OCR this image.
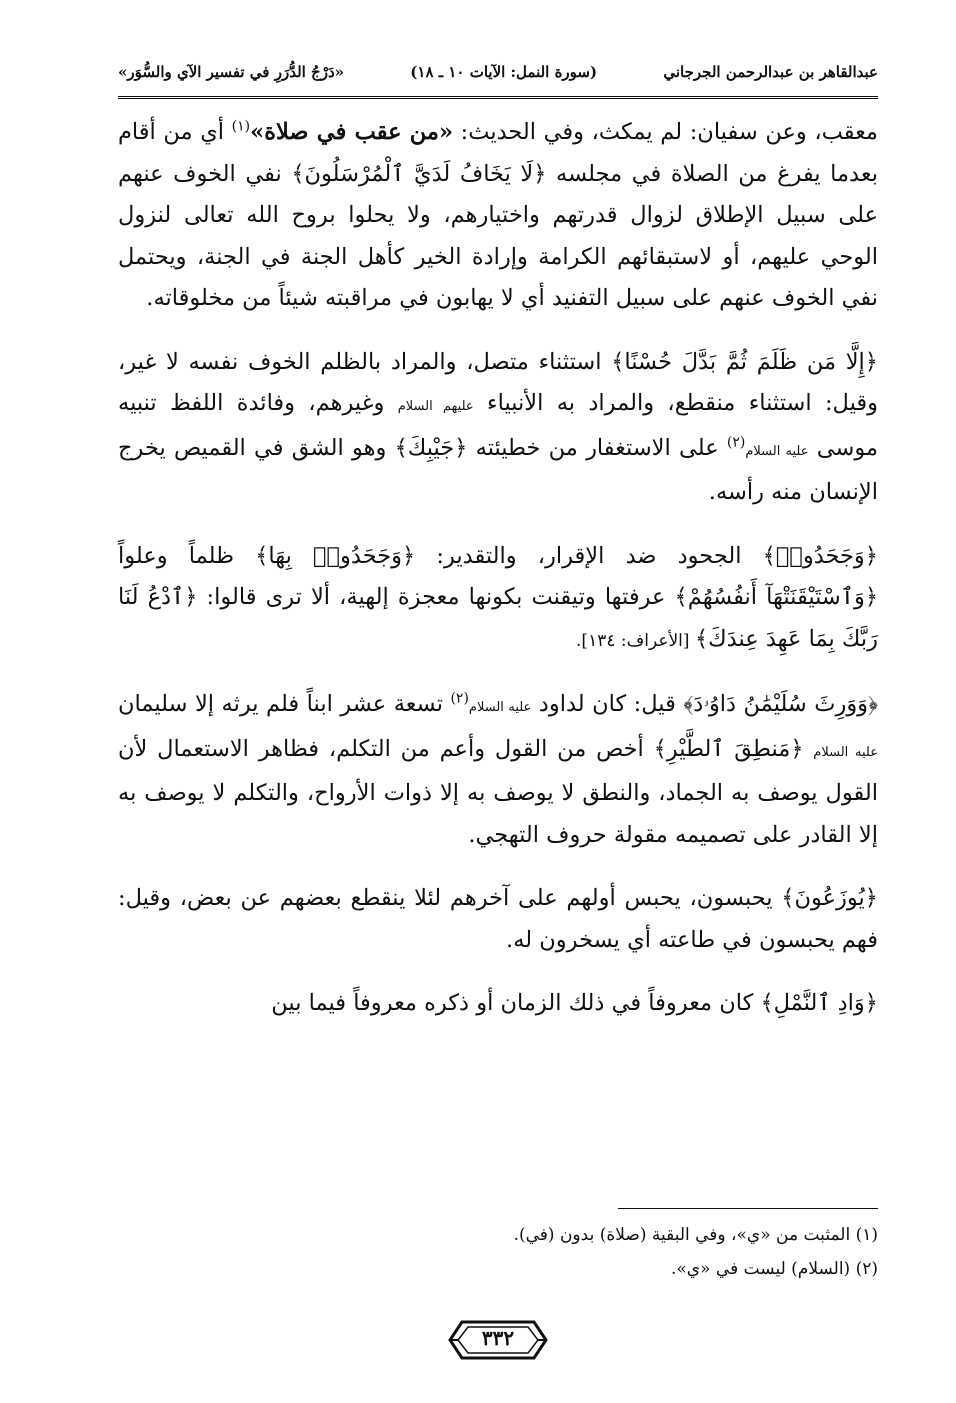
عبدالقاهر بن عبدالرحمن الجرجاني
(سورة النمل: الآيات ١٠ ـ ١٨)
«دَرْجُ الدُّرَرِ في تفسير الآي والسُّوَر»

معقب، وعن سفيان: لم يمكث، وفي الحديث: «من عقب في صلاة»$^{(١)}$ أي من أقام بعدما يفرغ من الصلاة في مجلسه ﴿لَا يَخَافُ لَدَيَّ ٱلْمُرْسَلُونَ﴾ نفي الخوف عنهم على سبيل الإطلاق لزوال قدرتهم واختيارهم، ولا يحلوا بروح الله تعالى لنزول الوحي عليهم، أو لاستبقائهم الكرامة وإرادة الخير كأهل الجنة في الجنة، ويحتمل نفي الخوف عنهم على سبيل التفنيد أي لا يهابون في مراقبته شيئاً من مخلوقاته.

﴿إِلَّا مَن ظَلَمَ ثُمَّ بَدَّلَ حُسْنًا﴾ استثناء متصل، والمراد بالظلم الخوف نفسه لا غير، وقيل: استثناء منقطع، والمراد به الأنبياء عليهم السلام وغيرهم، وفائدة اللفظ تنبيه موسى عليه السلام$^{(٢)}$ على الاستغفار من خطيئته ﴿جَيْبِكَ﴾ وهو الشق في القميص يخرج الإنسان منه رأسه.

﴿وَجَحَدُوا۟﴾ الجحود ضد الإقرار، والتقدير: ﴿وَجَحَدُوا۟ بِهَا﴾ ظلماً وعلواً ﴿وَٱسْتَيْقَنَتْهَآ أَنفُسُهُمْ﴾ عرفتها وتيقنت بكونها معجزة إلهية، ألا ترى قالوا: ﴿ٱدْعُ لَنَا رَبَّكَ بِمَا عَهِدَ عِندَكَ﴾ [الأعراف: ١٣٤].

﴿وَوَرِثَ سُلَيْمَٰنُ دَاوُۥدَ﴾ قيل: كان لداود عليه السلام$^{(٢)}$ تسعة عشر ابناً فلم يرثه إلا سليمان عليه السلام ﴿مَنطِقَ ٱلطَّيْرِ﴾ أخص من القول وأعم من التكلم، فظاهر الاستعمال لأن القول يوصف به الجماد، والنطق لا يوصف به إلا ذوات الأرواح، والتكلم لا يوصف به إلا القادر على تصميمه مقولة حروف التهجي.

﴿يُوزَعُونَ﴾ يحبسون، يحبس أولهم على آخرهم لئلا ينقطع بعضهم عن بعض، وقيل: فهم يحبسون في طاعته أي يسخرون له.

﴿وَادِ ٱلنَّمْلِ﴾ كان معروفاً في ذلك الزمان أو ذكره معروفاً فيما بين

(١) المثبت من «ي»، وفي البقية (صلاة) بدون (في).

(٢) (السلام) ليست في «ي».

٣٣٢
